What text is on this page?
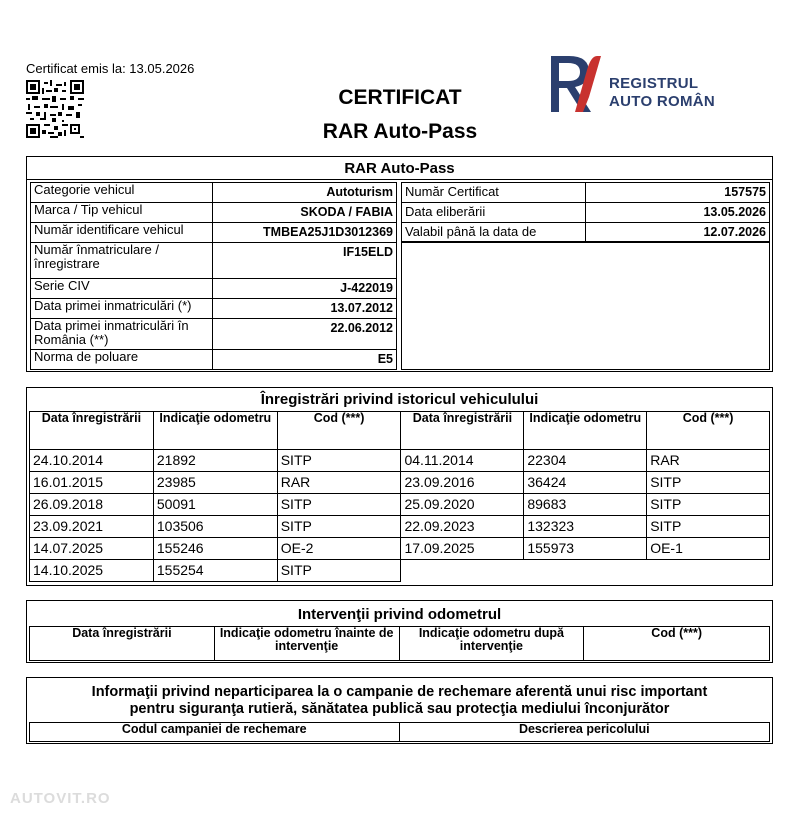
Certificat emis la: 13.05.2026
CERTIFICAT
RAR Auto-Pass
REGISTRUL
AUTO ROMÂN
RAR Auto-Pass
Categorie vehicul	Autoturism
Marca / Tip vehicul	SKODA / FABIA
Număr identificare vehicul	TMBEA25J1D3012369
Număr înmatriculare / înregistrare	IF15ELD
Serie CIV	J-422019
Data primei inmatriculări (*)	13.07.2012
Data primei inmatriculări în România (**)	22.06.2012
Norma de poluare	E5
Număr Certificat	157575
Data eliberării	13.05.2026
Valabil până la data de	12.07.2026
Înregistrări privind istoricul vehiculului
Data înregistrării	Indicaţie odometru	Cod (***)	Data înregistrării	Indicaţie odometru	Cod (***)
24.10.2014	21892	SITP	04.11.2014	22304	RAR
16.01.2015	23985	RAR	23.09.2016	36424	SITP
26.09.2018	50091	SITP	25.09.2020	89683	SITP
23.09.2021	103506	SITP	22.09.2023	132323	SITP
14.07.2025	155246	OE-2	17.09.2025	155973	OE-1
14.10.2025	155254	SITP			
Intervenţii privind odometrul
Data înregistrării	Indicaţie odometru înainte de intervenţie	Indicaţie odometru după intervenţie	Cod (***)
Informaţii privind neparticiparea la o campanie de rechemare aferentă unui risc important
pentru siguranţa rutieră, sănătatea publică sau protecţia mediului înconjurător
Codul campaniei de rechemare	Descrierea pericolului
AUTOVIT.RO
